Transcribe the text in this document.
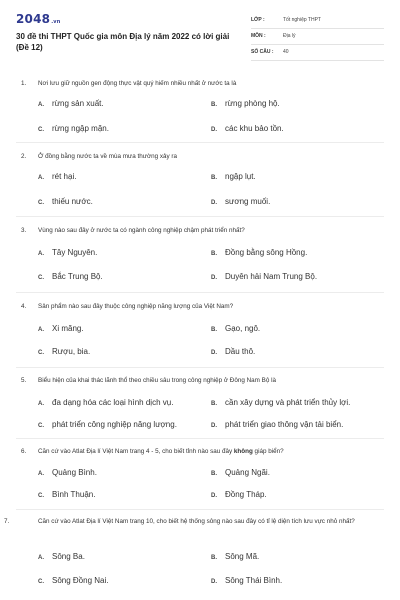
2048.vn
30 đề thi THPT Quốc gia môn Địa lý năm 2022 có lời giải (Đề 12)
LỚP :	Tốt nghiệp THPT
MÔN :	Địa lý
SỐ CÂU : 40
1. Nơi lưu giữ nguồn gen động thực vật quý hiếm nhiều nhất ở nước ta là
A. rừng sản xuất.	B. rừng phòng hộ.
C. rừng ngập mặn.	D. các khu bảo tồn.
2. Ở đồng bằng nước ta về mùa mưa thường xảy ra
A. rét hại.	B. ngập lụt.
C. thiếu nước.	D. sương muối.
3. Vùng nào sau đây ở nước ta có ngành công nghiệp chậm phát triển nhất?
A. Tây Nguyên.	B. Đồng bằng sông Hồng.
C. Bắc Trung Bộ.	D. Duyên hải Nam Trung Bộ.
4. Sản phẩm nào sau đây thuộc công nghiệp năng lượng của Việt Nam?
A. Xi măng.	B. Gạo, ngô.
C. Rượu, bia.	D. Dầu thô.
5. Biểu hiện của khai thác lãnh thổ theo chiều sâu trong công nghiệp ở Đông Nam Bộ là
A. đa dạng hóa các loại hình dịch vụ.	B. cần xây dựng và phát triển thủy lợi.
C. phát triển công nghiệp năng lượng.	D. phát triển giao thông vận tải biển.
6. Căn cứ vào Atlat Địa lí Việt Nam trang 4 - 5, cho biết tỉnh nào sau đây không giáp biển?
A. Quảng Bình.	B. Quảng Ngãi.
C. Bình Thuận.	D. Đồng Tháp.
7.	Căn cứ vào Atlat Địa lí Việt Nam trang 10, cho biết hệ thống sông nào sau đây có tỉ lệ diện tích lưu vực nhỏ nhất?
A. Sông Ba.	B. Sông Mã.
C. Sông Đồng Nai.	D. Sông Thái Bình.
